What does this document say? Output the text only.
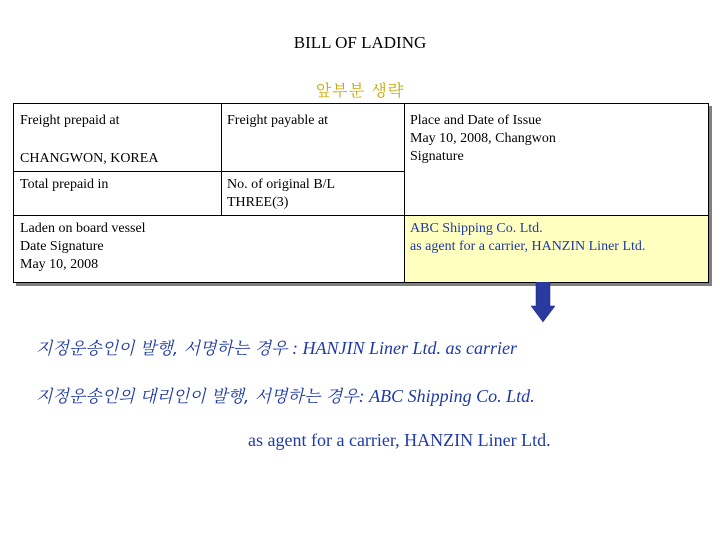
BILL OF LADING
앞부분 생략
Freight prepaid at
CHANGWON, KOREA
Freight payable at	Place and Date of Issue
May 10, 2008, Changwon
Signature
Total prepaid in	No. of original B/L
THREE(3)
Laden on board vessel
Date Signature
May 10, 2008
ABC Shipping Co. Ltd.
as agent for a carrier, HANZIN Liner Ltd.
지정운송인이 발행, 서명하는 경우 : HANJIN Liner Ltd. as carrier
지정운송인의 대리인이 발행, 서명하는 경우: ABC Shipping Co. Ltd.
as agent for a carrier, HANZIN Liner Ltd.
